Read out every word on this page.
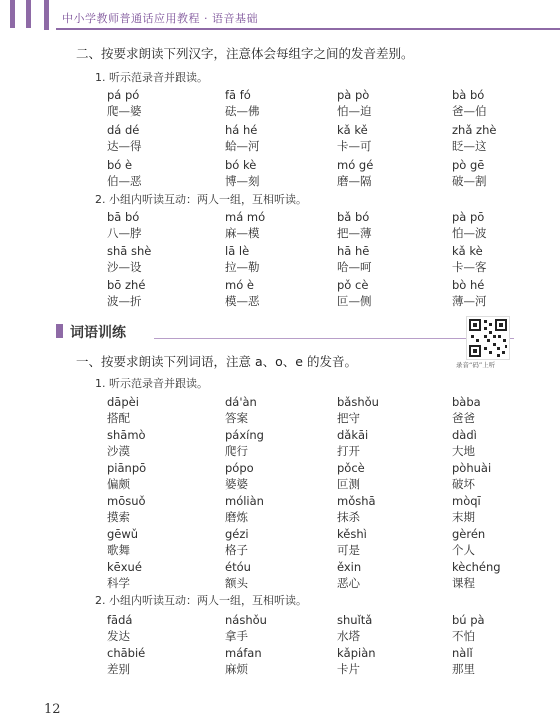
中小学教师普通话应用教程 · 语音基础
二、按要求朗读下列汉字，注意体会每组字之间的发音差别。
1. 听示范录音并跟读。
pá pó
爬—婆
fā fó
砝—佛
pà pò
怕—迫
bà bó
爸—伯
dá dé
达—得
há hé
蛤—河
kǎ kě
卡—可
zhǎ zhè
眨—这
bó è
伯—恶
bó kè
博—刻
mó gé
磨—隔
pò gē
破—割
2. 小组内听读互动：两人一组，互相听读。
bā bó
八—脖
má mó
麻—模
bǎ bó
把—薄
pà pō
怕—波
shā shè
沙—设
lā lè
拉—勒
hā hē
哈—呵
kǎ kè
卡—客
bō zhé
波—折
mó è
模—恶
pǒ cè
叵—侧
bò hé
薄—河
词语训练
录音“码”上听
一、按要求朗读下列词语，注意 a、o、e 的发音。
1. 听示范录音并跟读。
dāpèi
搭配
dá'àn
答案
bǎshǒu
把守
bàba
爸爸
shāmò
沙漠
páxíng
爬行
dǎkāi
打开
dàdì
大地
piānpō
偏颇
pópo
婆婆
pǒcè
叵测
pòhuài
破坏
mōsuǒ
摸索
móliàn
磨炼
mǒshā
抹杀
mòqī
末期
gēwǔ
歌舞
gézi
格子
kěshì
可是
gèrén
个人
kēxué
科学
étóu
额头
ěxin
恶心
kèchéng
课程
2. 小组内听读互动：两人一组，互相听读。
fādá
发达
náshǒu
拿手
shuǐtǎ
水塔
bú pà
不怕
chābié
差别
máfan
麻烦
kǎpiàn
卡片
nàlǐ
那里
12
